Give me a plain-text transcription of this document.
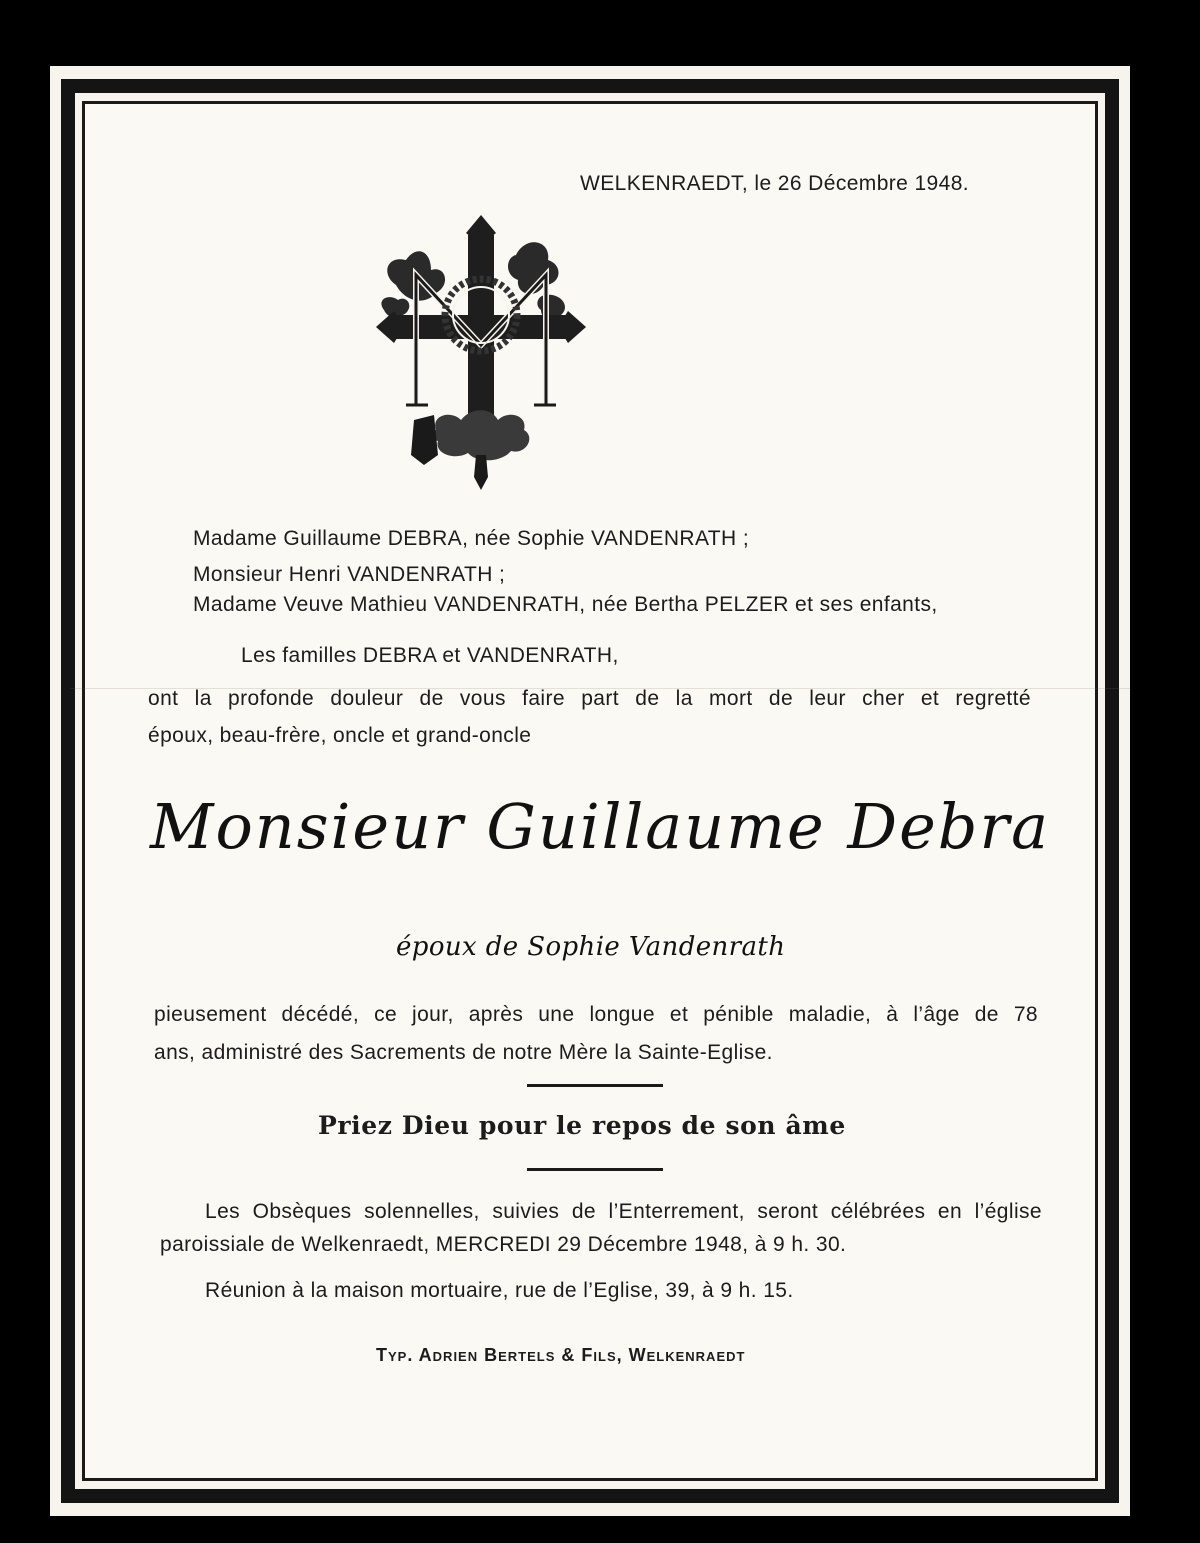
WELKENRAEDT, le 26 Décembre 1948.
Madame Guillaume DEBRA, née Sophie VANDENRATH ;
Monsieur Henri VANDENRATH ;
Madame Veuve Mathieu VANDENRATH, née Bertha PELZER et ses enfants,
Les familles DEBRA et VANDENRATH,
ont la profonde douleur de vous faire part de la mort de leur cher et regretté
époux, beau-frère, oncle et grand-oncle
Monsieur Guillaume Debra
époux de Sophie Vandenrath
pieusement décédé, ce jour, après une longue et pénible maladie, à l’âge de 78
ans, administré des Sacrements de notre Mère la Sainte-Eglise.
Priez Dieu pour le repos de son âme
Les Obsèques solennelles, suivies de l’Enterrement, seront célébrées en l’église
paroissiale de Welkenraedt, MERCREDI 29 Décembre 1948, à 9 h. 30.
Réunion à la maison mortuaire, rue de l’Eglise, 39, à 9 h. 15.
Typ. Adrien Bertels & Fils, Welkenraedt
